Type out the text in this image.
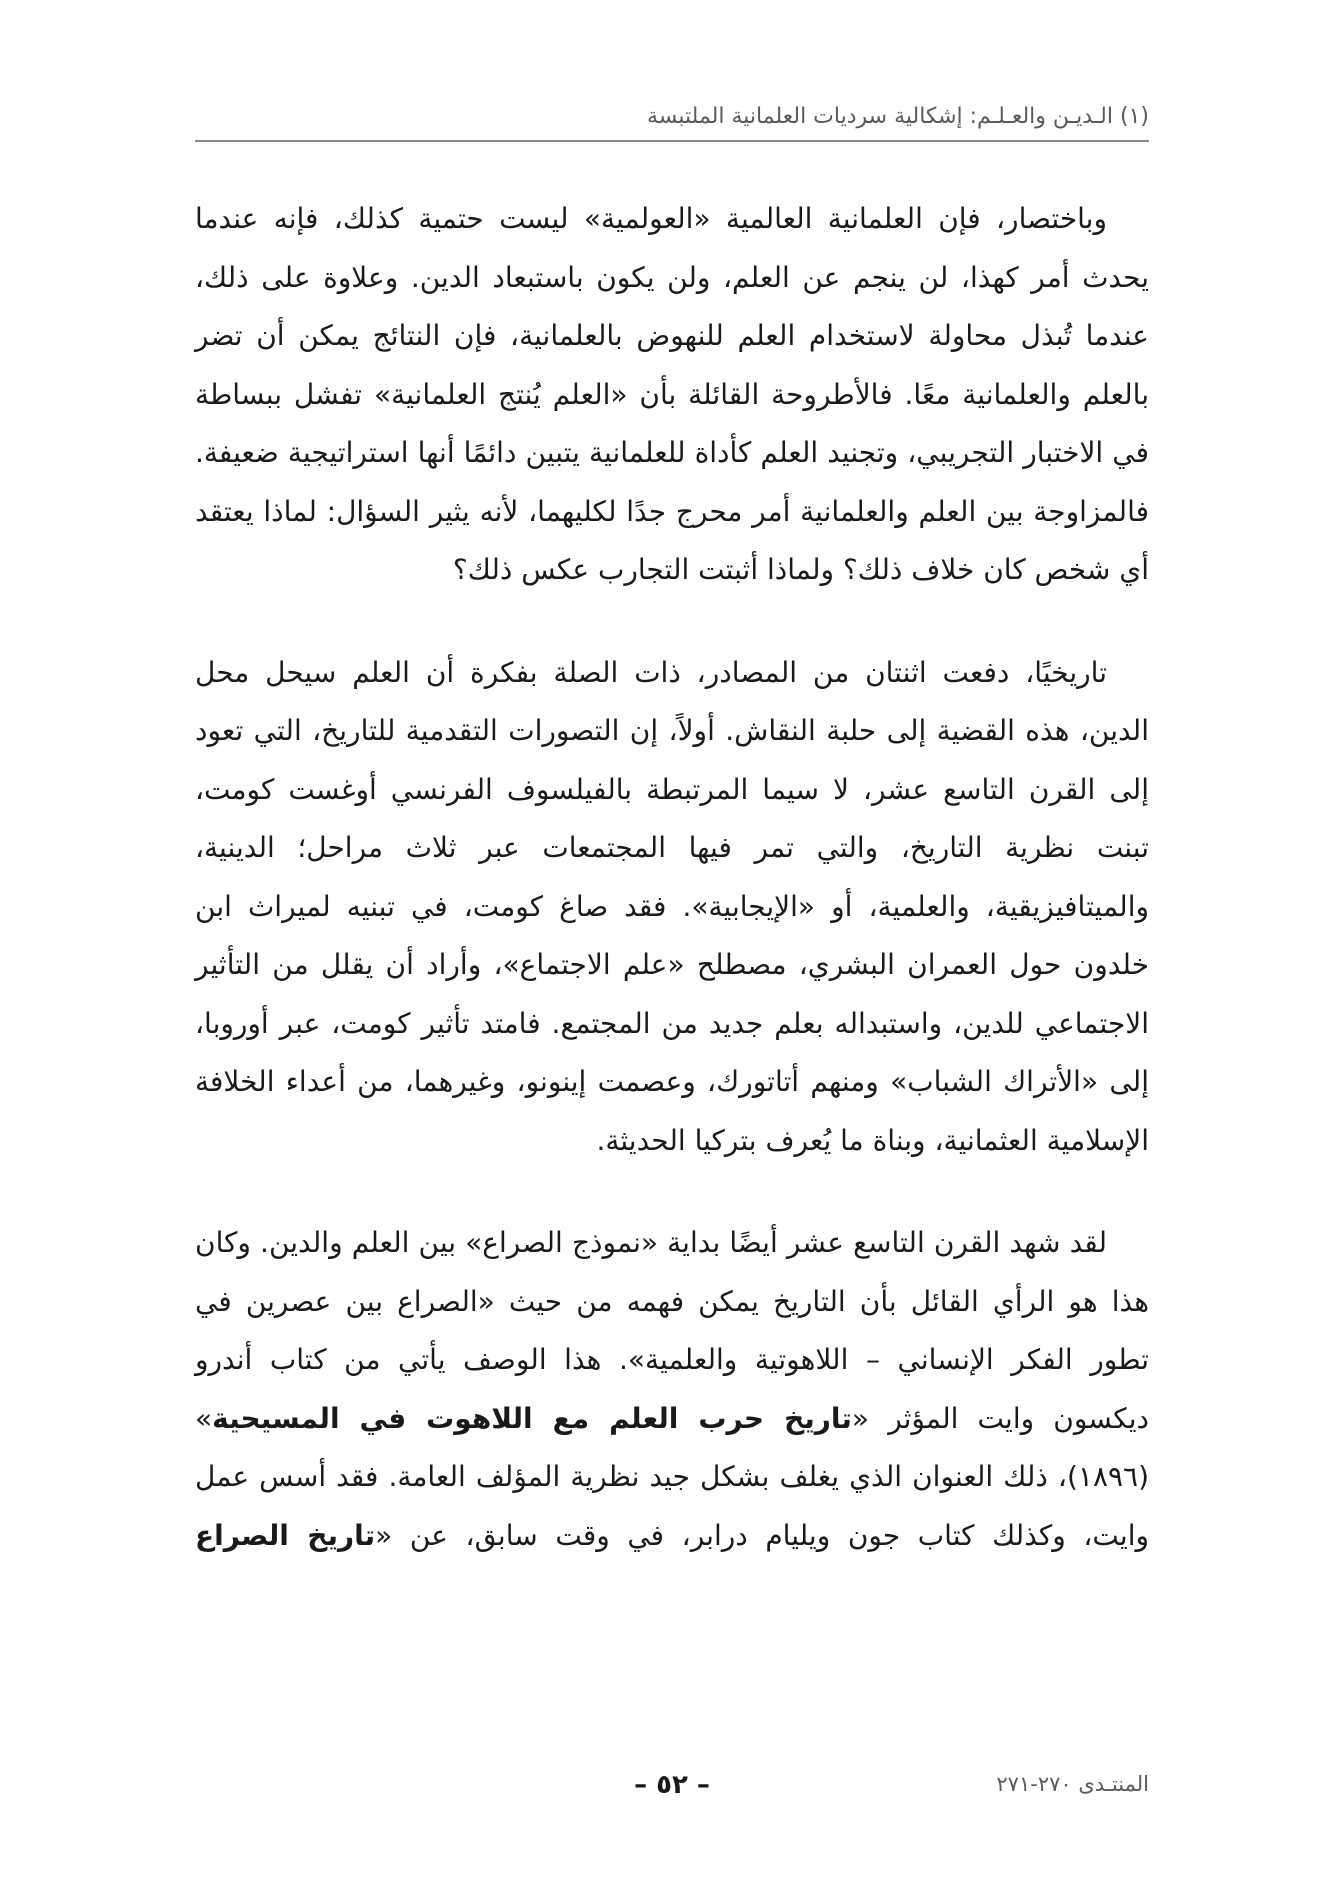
(١) الـديـن والعـلـم: إشكالية سرديات العلمانية الملتبسة

وباختصار، فإن العلمانية العالمية «العولمية» ليست حتمية كذلك، فإنه عندما يحدث أمر كهذا، لن ينجم عن العلم، ولن يكون باستبعاد الدين. وعلاوة على ذلك، عندما تُبذل محاولة لاستخدام العلم للنهوض بالعلمانية، فإن النتائج يمكن أن تضر بالعلم والعلمانية معًا. فالأطروحة القائلة بأن «العلم يُنتج العلمانية» تفشل ببساطة في الاختبار التجريبي، وتجنيد العلم كأداة للعلمانية يتبين دائمًا أنها استراتيجية ضعيفة. فالمزاوجة بين العلم والعلمانية أمر محرج جدًا لكليهما، لأنه يثير السؤال: لماذا يعتقد أي شخص كان خلاف ذلك؟ ولماذا أثبتت التجارب عكس ذلك؟

تاريخيًا، دفعت اثنتان من المصادر، ذات الصلة بفكرة أن العلم سيحل محل الدين، هذه القضية إلى حلبة النقاش. أولاً، إن التصورات التقدمية للتاريخ، التي تعود إلى القرن التاسع عشر، لا سيما المرتبطة بالفيلسوف الفرنسي أوغست كومت، تبنت نظرية التاريخ، والتي تمر فيها المجتمعات عبر ثلاث مراحل؛ الدينية، والميتافيزيقية، والعلمية، أو «الإيجابية». فقد صاغ كومت، في تبنيه لميراث ابن خلدون حول العمران البشري، مصطلح «علم الاجتماع»، وأراد أن يقلل من التأثير الاجتماعي للدين، واستبداله بعلم جديد من المجتمع. فامتد تأثير كومت، عبر أوروبا، إلى «الأتراك الشباب» ومنهم أتاتورك، وعصمت إينونو، وغيرهما، من أعداء الخلافة الإسلامية العثمانية، وبناة ما يُعرف بتركيا الحديثة.

لقد شهد القرن التاسع عشر أيضًا بداية «نموذج الصراع» بين العلم والدين. وكان هذا هو الرأي القائل بأن التاريخ يمكن فهمه من حيث «الصراع بين عصرين في تطور الفكر الإنساني – اللاهوتية والعلمية». هذا الوصف يأتي من كتاب أندرو ديكسون وايت المؤثر «تاريخ حرب العلم مع اللاهوت في المسيحية» (١٨٩٦)، ذلك العنوان الذي يغلف بشكل جيد نظرية المؤلف العامة. فقد أسس عمل وايت، وكذلك كتاب جون ويليام درابر، في وقت سابق، عن «تاريخ الصراع

المنتـدى ٢٧٠-٢٧١
– ٥٢ –
